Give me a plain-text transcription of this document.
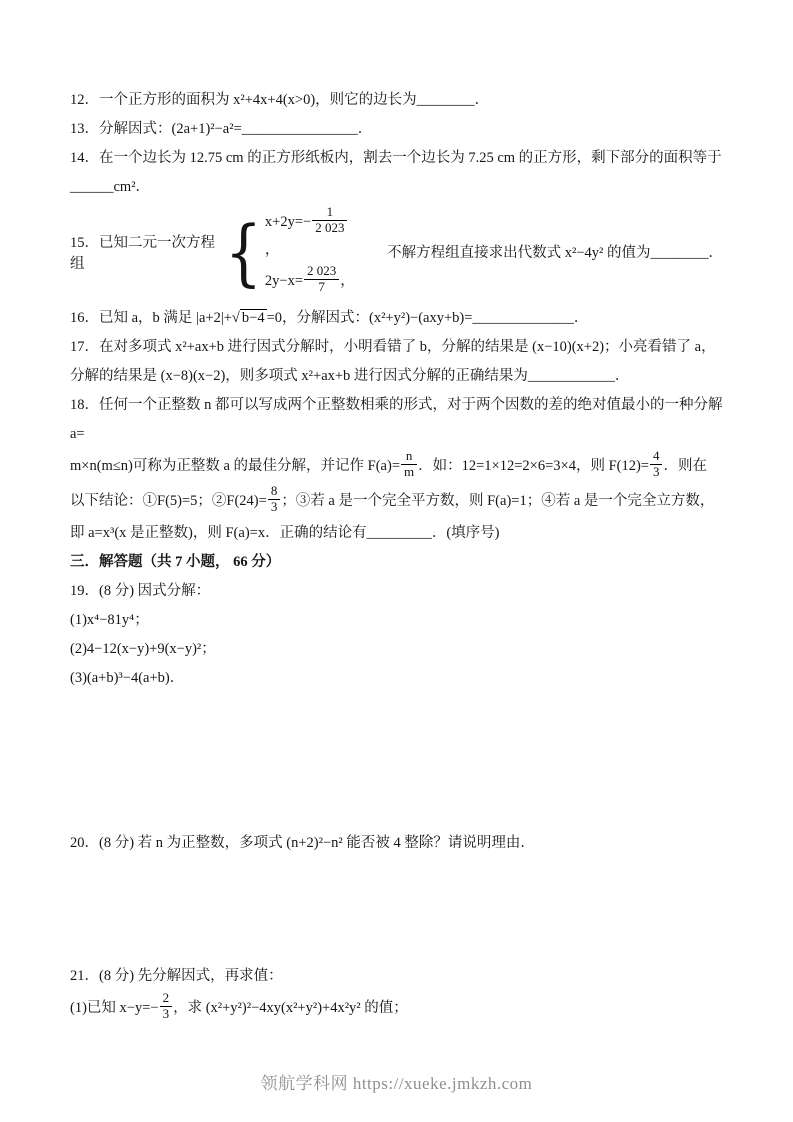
12．一个正方形的面积为 x²+4x+4(x>0)，则它的边长为________．
13．分解因式：(2a+1)²−a²=________________．
14．在一个边长为 12.75 cm 的正方形纸板内，割去一个边长为 7.25 cm 的正方形，剩下部分的面积等于
______cm²．
15．已知二元一次方程组	{ $x+2y=- \frac{1}{2 023}$
，
$2y-x= \frac{2 023}{7}$ ，
不解方程组直接求出代数式 x²−4y² 的值为________．
16．已知 a，b 满足 |a+2|+√ b−4 =0，分解因式：(x²+y²)−(axy+b)=______________．
17．在对多项式 x²+ax+b 进行因式分解时，小明看错了 b，分解的结果是 (x−10)(x+2)；小亮看错了 a，
分解的结果是 (x−8)(x−2)，则多项式 x²+ax+b 进行因式分解的正确结果为____________．
18．任何一个正整数 n 都可以写成两个正整数相乘的形式，对于两个因数的差的绝对值最小的一种分解 a=
m×n(m≤n)可称为正整数 a 的最佳分解，并记作 $F(a)= \frac{n}{m}$ ．如：12=1×12=2×6=3×4，则 $F(12)= \frac{4}{3}$ ．则在
以下结论：①F(5)=5；②F(24)= $\frac{8}{3}$ ；③若 a 是一个完全平方数，则 F(a)=1；④若 a 是一个完全立方数，
即 a=x³(x 是正整数)，则 F(a)=x．正确的结论有_________．(填序号)
三．解答题（共 7 小题， 66 分）
19．(8 分) 因式分解：
(1)x⁴−81y⁴；
(2)4−12(x−y)+9(x−y)²；
(3)(a+b)³−4(a+b)．
20．(8 分) 若 n 为正整数，多项式 (n+2)²−n² 能否被 4 整除？请说明理由．
21．(8 分) 先分解因式，再求值：
(1)已知 $x-y=- \frac{2}{3}$ ，求 (x²+y²)²−4xy(x²+y²)+4x²y² 的值；
领航学科网 https://xueke.jmkzh.com
